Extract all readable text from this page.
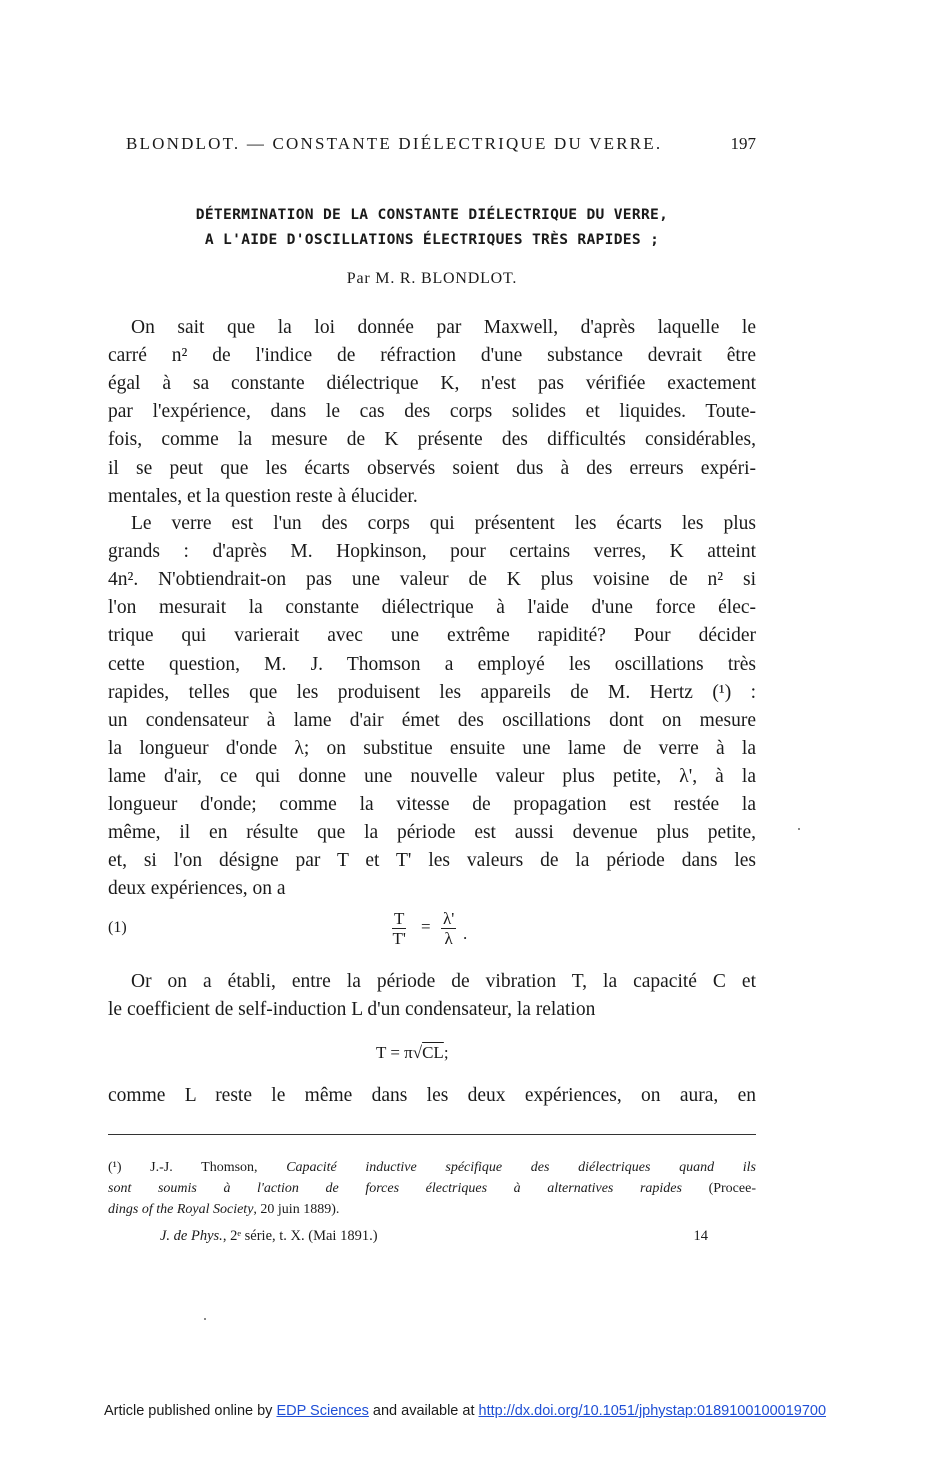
BLONDLOT. — CONSTANTE DIÉLECTRIQUE DU VERRE.	197
DÉTERMINATION DE LA CONSTANTE DIÉLECTRIQUE DU VERRE,
A L'AIDE D'OSCILLATIONS ÉLECTRIQUES TRÈS RAPIDES ;
Par M. R. BLONDLOT.
On sait que la loi donnée par Maxwell, d'après laquelle le
carré n² de l'indice de réfraction d'une substance devrait être
égal à sa constante diélectrique K, n'est pas vérifiée exactement
par l'expérience, dans le cas des corps solides et liquides. Toute-
fois, comme la mesure de K présente des difficultés considérables,
il se peut que les écarts observés soient dus à des erreurs expéri-
mentales, et la question reste à élucider.
Le verre est l'un des corps qui présentent les écarts les plus
grands : d'après M. Hopkinson, pour certains verres, K atteint
4n². N'obtiendrait-on pas une valeur de K plus voisine de n² si
l'on mesurait la constante diélectrique à l'aide d'une force élec-
trique qui varierait avec une extrême rapidité? Pour décider
cette question, M. J. Thomson a employé les oscillations très
rapides, telles que les produisent les appareils de M. Hertz (¹) :
un condensateur à lame d'air émet des oscillations dont on mesure
la longueur d'onde λ; on substitue ensuite une lame de verre à la
lame d'air, ce qui donne une nouvelle valeur plus petite, λ', à la
longueur d'onde; comme la vitesse de propagation est restée la
même, il en résulte que la période est aussi devenue plus petite,
et, si l'on désigne par T et T' les valeurs de la période dans les
deux expériences, on a
Or on a établi, entre la période de vibration T, la capacité C et
le coefficient de self-induction L d'un condensateur, la relation
comme L reste le même dans les deux expériences, on aura, en
(1)	$\frac{T}{T'} = \frac{\lambda'}{\lambda}$ .
T = π√CL;
(¹) J.-J. Thomson, Capacité inductive spécifique des diélectriques quand ils
sont soumis à l'action de forces électriques à alternatives rapides (Procee-
dings of the Royal Society, 20 juin 1889).
J. de Phys., 2ᵉ série, t. X. (Mai 1891.)	14
Article published online by EDP Sciences and available at http://dx.doi.org/10.1051/jphystap:0189100100019700
